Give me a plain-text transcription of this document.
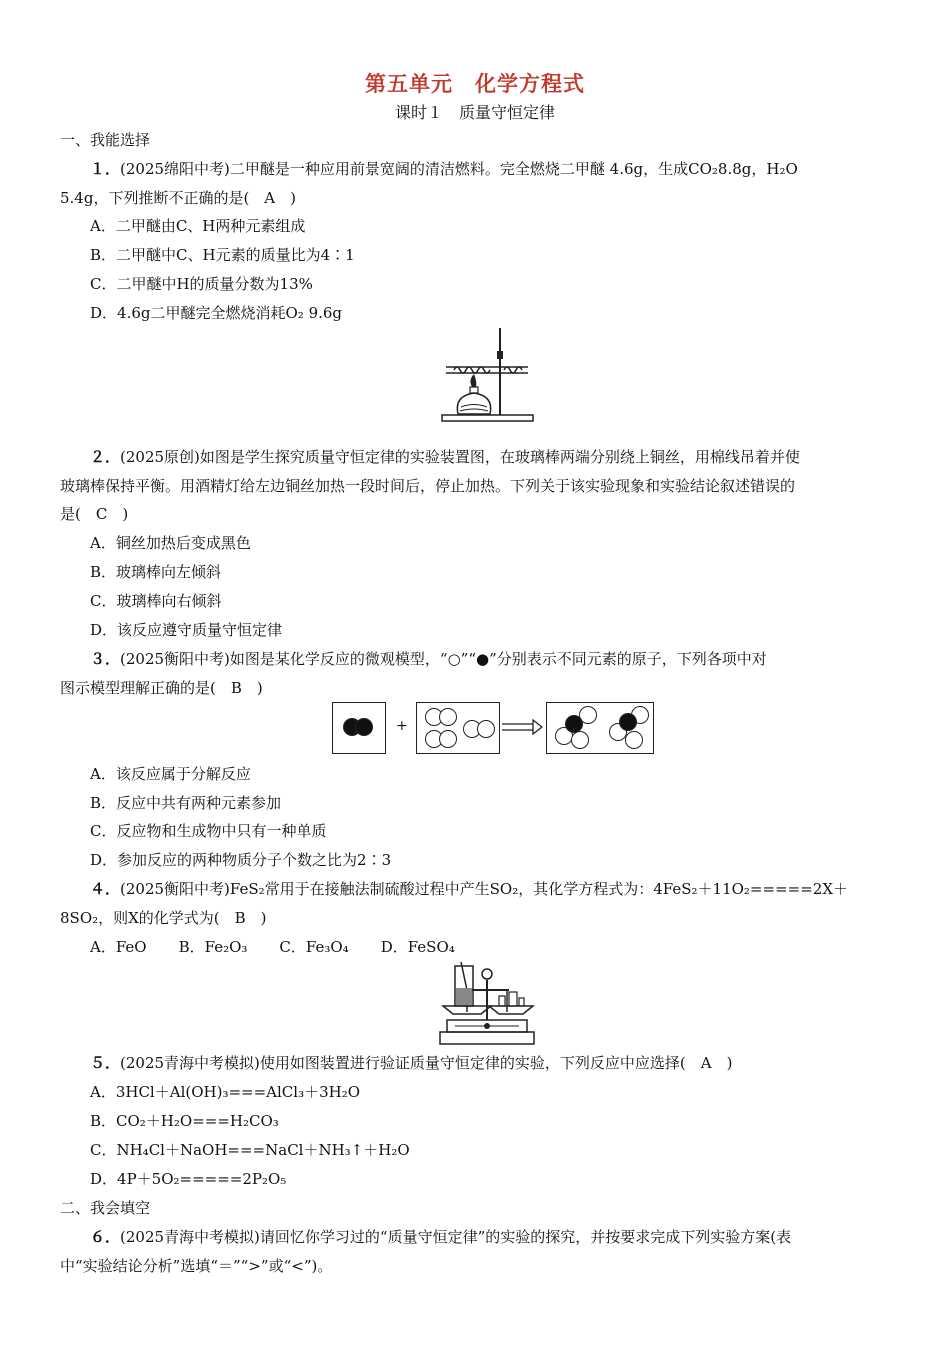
第五单元　化学方程式
课时１　质量守恒定律
一、我能选择
１．(2025绵阳中考)二甲醚是一种应用前景宽阔的清洁燃料。完全燃烧二甲醚 4.6g，生成CO₂8.8g，H₂O
5.4g，下列推断不正确的是(　A　)
A．二甲醚由C、H两种元素组成
B．二甲醚中C、H元素的质量比为4∶1
C．二甲醚中H的质量分数为13%
D．4.6g二甲醚完全燃烧消耗O₂ 9.6g
２．(2025原创)如图是学生探究质量守恒定律的实验装置图，在玻璃棒两端分别绕上铜丝，用棉线吊着并使
玻璃棒保持平衡。用酒精灯给左边铜丝加热一段时间后，停止加热。下列关于该实验现象和实验结论叙述错误的
是(　C　)
A．铜丝加热后变成黑色
B．玻璃棒向左倾斜
C．玻璃棒向右倾斜
D．该反应遵守质量守恒定律
３．(2025衡阳中考)如图是某化学反应的微观模型，“○”“●”分别表示不同元素的原子，下列各项中对
图示模型理解正确的是(　B　)
+
A．该反应属于分解反应
B．反应中共有两种元素参加
C．反应物和生成物中只有一种单质
D．参加反应的两种物质分子个数之比为2∶3
４．(2025衡阳中考)FeS₂常用于在接触法制硫酸过程中产生SO₂，其化学方程式为：4FeS₂＋11O₂=====2X＋
8SO₂，则X的化学式为(　B　)
A．FeO B．Fe₂O₃ C．Fe₃O₄ D．FeSO₄
５．(2025青海中考模拟)使用如图装置进行验证质量守恒定律的实验，下列反应中应选择(　A　)
A．3HCl＋Al(OH)₃===AlCl₃＋3H₂O
B．CO₂＋H₂O===H₂CO₃
C．NH₄Cl＋NaOH===NaCl＋NH₃↑＋H₂O
D．4P＋5O₂=====2P₂O₅
二、我会填空
６．(2025青海中考模拟)请回忆你学习过的“质量守恒定律”的实验的探究，并按要求完成下列实验方案(表
中“实验结论分析”选填“＝”“>”或“<”)。
